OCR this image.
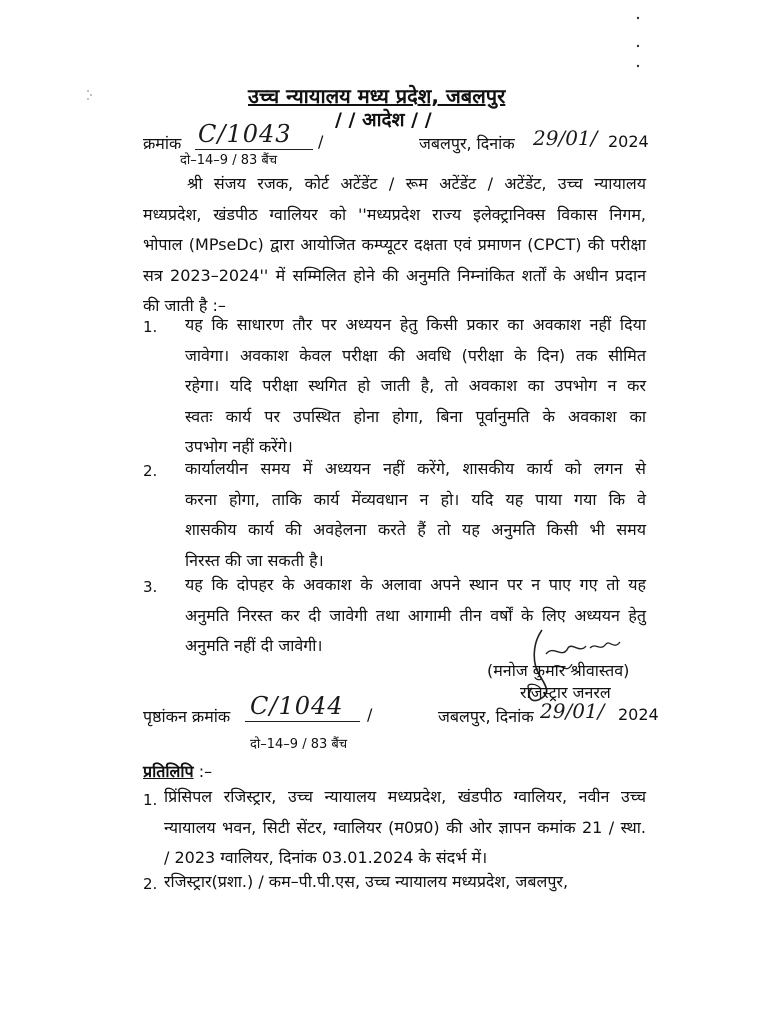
उच्च न्यायालय मध्य प्रदेश, जबलपुर
/ / आदेश / /
क्रमांक C/1043 /	जबलपुर, दिनांक 29/01/ 2024
दो–14–9 / 83 बैंच
श्री संजय रजक, कोर्ट अटेंडेंट / रूम अटेंडेंट / अटेंडेंट, उच्च न्यायालय
मध्यप्रदेश, खंडपीठ ग्वालियर को ''मध्यप्रदेश राज्य इलेक्ट्रानिक्स विकास निगम,
भोपाल (MPseDc) द्वारा आयोजित कम्प्यूटर दक्षता एवं प्रमाणन (CPCT) की परीक्षा
सत्र 2023–2024'' में सम्मिलित होने की अनुमति निम्नांकित शर्तों के अधीन प्रदान
की जाती है :–
1. यह कि साधारण तौर पर अध्ययन हेतु किसी प्रकार का अवकाश नहीं दिया
जावेगा। अवकाश केवल परीक्षा की अवधि (परीक्षा के दिन) तक सीमित
रहेगा। यदि परीक्षा स्थगित हो जाती है, तो अवकाश का उपभोग न कर
स्वतः कार्य पर उपस्थित होना होगा, बिना पूर्वानुमति के अवकाश का
उपभोग नहीं करेंगे।
2. कार्यालयीन समय में अध्ययन नहीं करेंगे, शासकीय कार्य को लगन से
करना होगा, ताकि कार्य मेंव्यवधान न हो। यदि यह पाया गया कि वे
शासकीय कार्य की अवहेलना करते हैं तो यह अनुमति किसी भी समय
निरस्त की जा सकती है।
3. यह कि दोपहर के अवकाश के अलावा अपने स्थान पर न पाए गए तो यह
अनुमति निरस्त कर दी जावेगी तथा आगामी तीन वर्षों के लिए अध्ययन हेतु
अनुमति नहीं दी जावेगी।
(मनोज कुमार श्रीवास्तव)
रजिस्ट्रार जनरल
पृष्ठांकन क्रमांक C/1044 /	जबलपुर, दिनांक 29/01/ 2024
दो–14–9 / 83 बैंच
प्रतिलिपि :–
1. प्रिंसिपल रजिस्ट्रार, उच्च न्यायालय मध्यप्रदेश, खंडपीठ ग्वालियर, नवीन उच्च
न्यायालय भवन, सिटी सेंटर, ग्वालियर (म0प्र0) की ओर ज्ञापन कमांक 21 / स्था.
/ 2023 ग्वालियर, दिनांक 03.01.2024 के संदर्भ में।
2. रजिस्ट्रार(प्रशा.) / कम–पी.पी.एस, उच्च न्यायालय मध्यप्रदेश, जबलपुर,
